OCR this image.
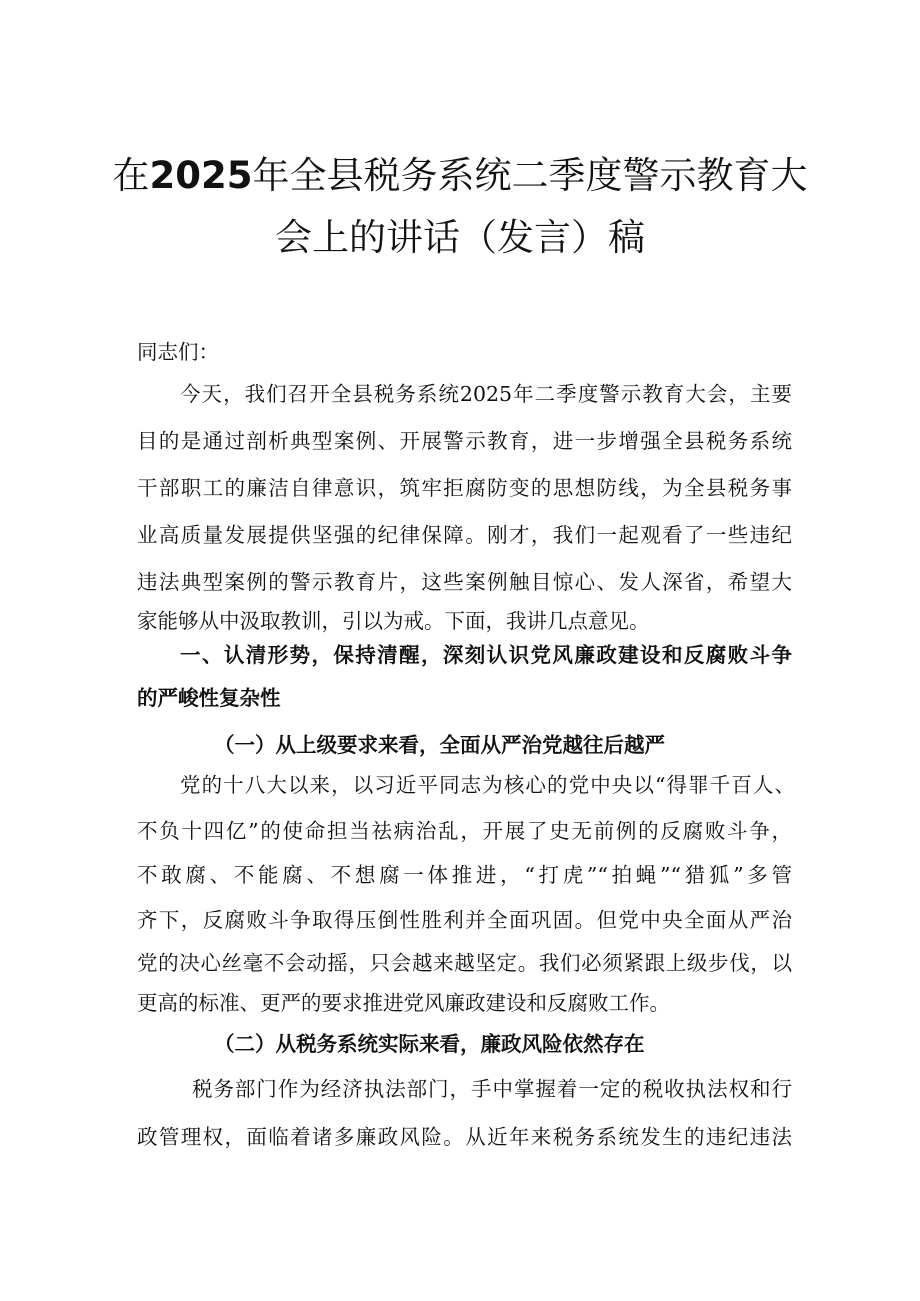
在2025年全县税务系统二季度警示教育大
会上的讲话（发言）稿
同志们：
今天，我们召开全县税务系统2025年二季度警示教育大会，主要
目的是通过剖析典型案例、开展警示教育，进一步增强全县税务系统
干部职工的廉洁自律意识，筑牢拒腐防变的思想防线，为全县税务事
业高质量发展提供坚强的纪律保障。刚才，我们一起观看了一些违纪
违法典型案例的警示教育片，这些案例触目惊心、发人深省，希望大
家能够从中汲取教训，引以为戒。下面，我讲几点意见。
一、认清形势，保持清醒，深刻认识党风廉政建设和反腐败斗争
的严峻性复杂性
（一）从上级要求来看，全面从严治党越往后越严
党的十八大以来，以习近平同志为核心的党中央以“得罪千百人、
不负十四亿”的使命担当祛病治乱，开展了史无前例的反腐败斗争，
不敢腐、不能腐、不想腐一体推进，“打虎”“拍蝇”“猎狐”多管
齐下，反腐败斗争取得压倒性胜利并全面巩固。但党中央全面从严治
党的决心丝毫不会动摇，只会越来越坚定。我们必须紧跟上级步伐，以
更高的标准、更严的要求推进党风廉政建设和反腐败工作。
（二）从税务系统实际来看，廉政风险依然存在
税务部门作为经济执法部门，手中掌握着一定的税收执法权和行
政管理权，面临着诸多廉政风险。从近年来税务系统发生的违纪违法
